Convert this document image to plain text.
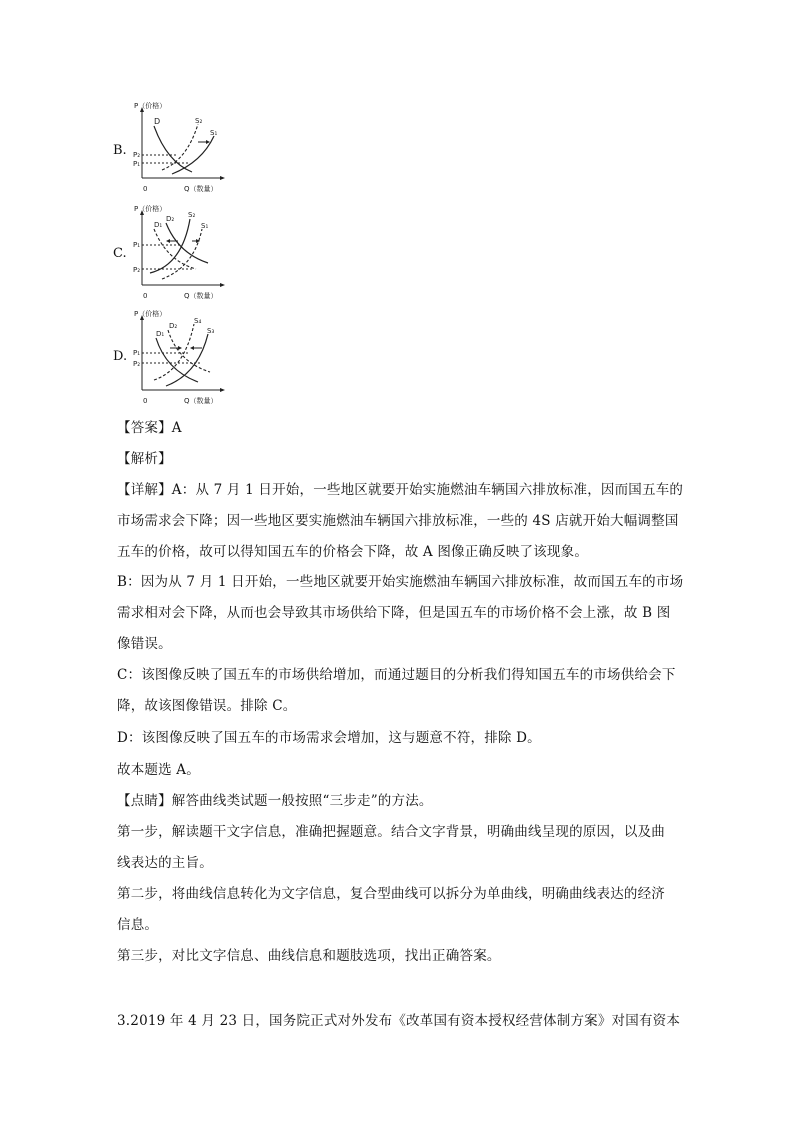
B.
P（价格）
0	Q（数量）
D	S₂
S₁
P₂
P₁
C.
P（价格）
0	Q（数量）
D₁
D₂ S₂
S₁
P₁
P₂
D.
P（价格）
0	Q（数量）
D₁
D₂
S₄
S₃
P₁
P₂
【答案】A
【解析】
【详解】A：从 7 月 1 日开始，一些地区就要开始实施燃油车辆国六排放标准，因而国五车的
市场需求会下降；因一些地区要实施燃油车辆国六排放标准，一些的 4S 店就开始大幅调整国
五车的价格，故可以得知国五车的价格会下降，故 A 图像正确反映了该现象。
B：因为从 7 月 1 日开始，一些地区就要开始实施燃油车辆国六排放标准，故而国五车的市场
需求相对会下降，从而也会导致其市场供给下降，但是国五车的市场价格不会上涨，故 B 图
像错误。
C：该图像反映了国五车的市场供给增加，而通过题目的分析我们得知国五车的市场供给会下
降，故该图像错误。排除 C。
D：该图像反映了国五车的市场需求会增加，这与题意不符，排除 D。
故本题选 A。
【点睛】解答曲线类试题一般按照“三步走”的方法。
第一步，解读题干文字信息，准确把握题意。结合文字背景，明确曲线呈现的原因，以及曲
线表达的主旨。
第二步，将曲线信息转化为文字信息，复合型曲线可以拆分为单曲线，明确曲线表达的经济
信息。
第三步，对比文字信息、曲线信息和题肢选项，找出正确答案。
3.2019 年 4 月 23 日，国务院正式对外发布《改革国有资本授权经营体制方案》对国有资本
